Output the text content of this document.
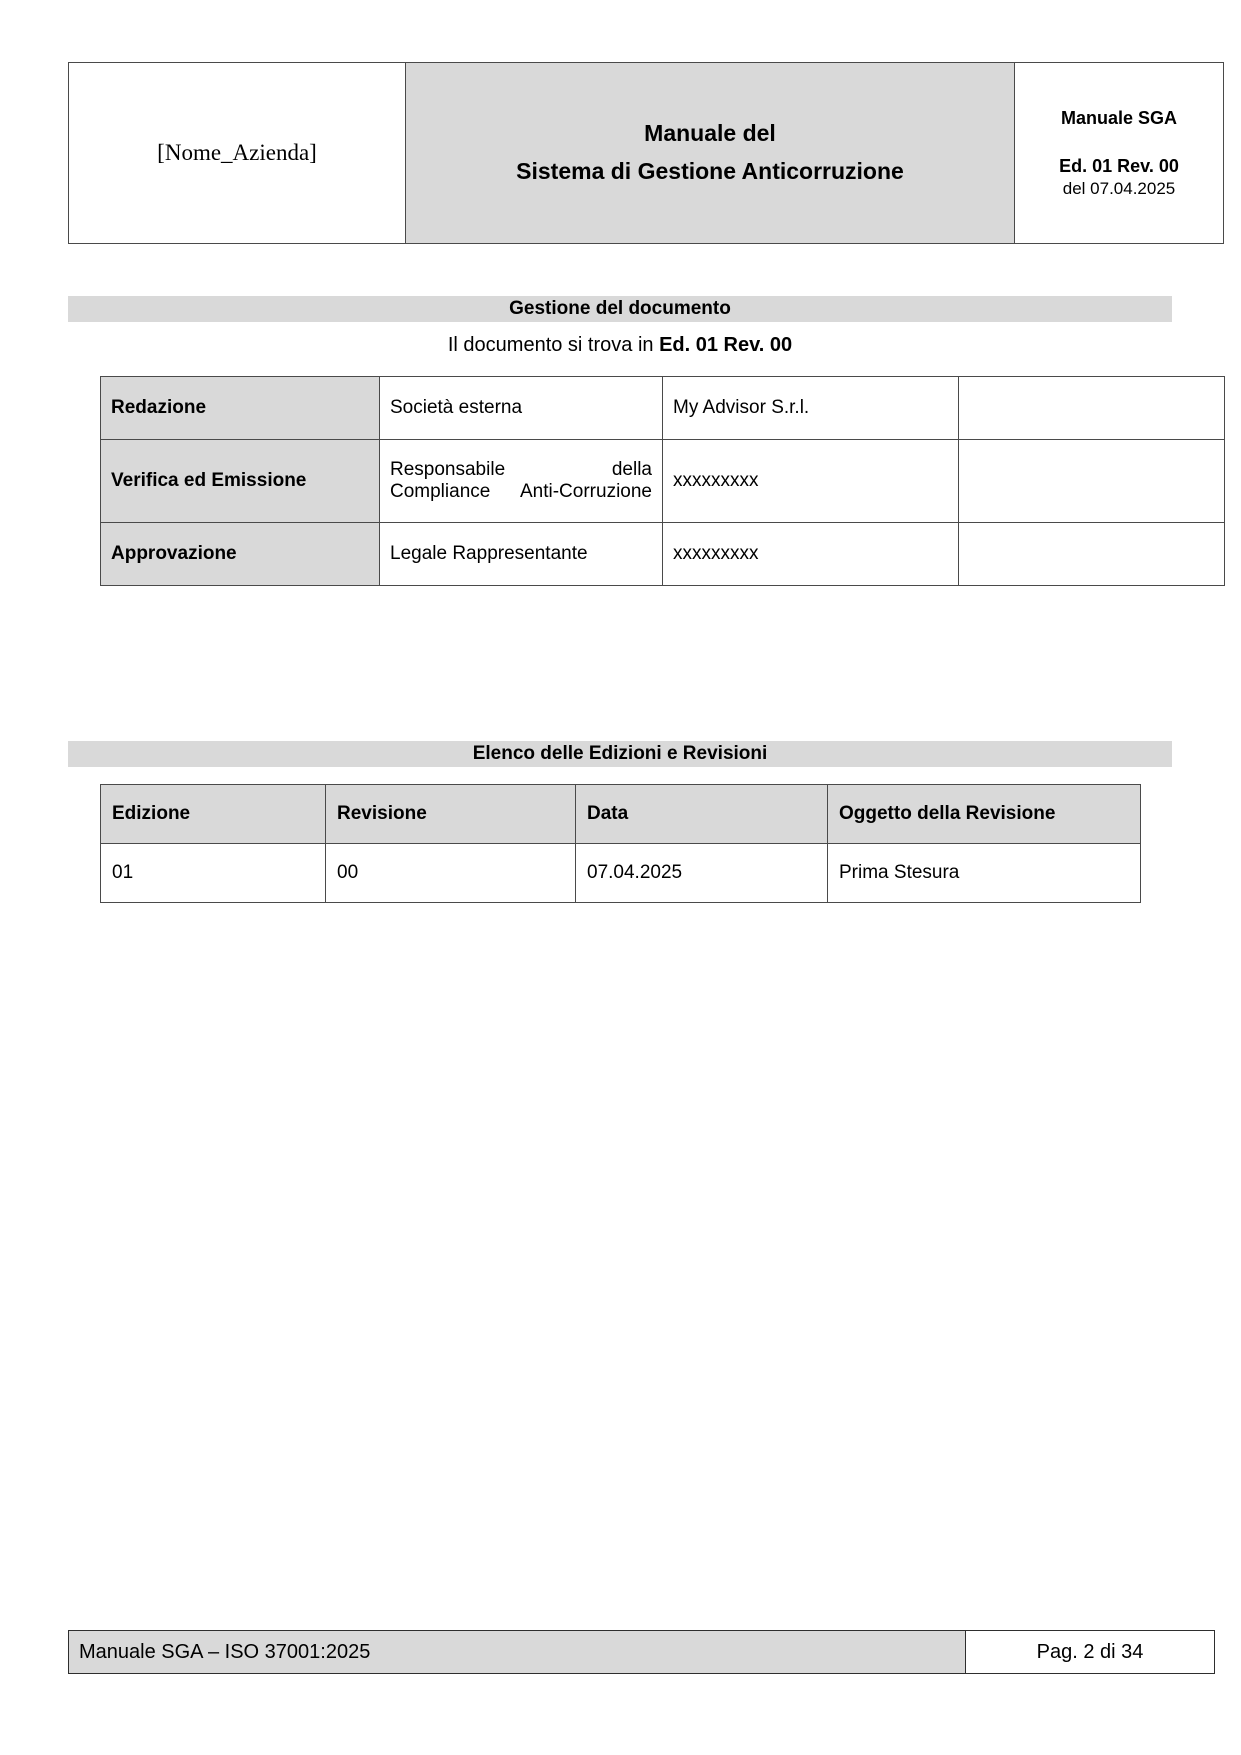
[Nome_Azienda]	
Manuale del
Sistema di Gestione Anticorruzione

Manuale SGA
Ed. 01 Rev. 00
del 07.04.2025
Gestione del documento
Il documento si trova in Ed. 01 Rev. 00
Redazione	Società esterna	My Advisor S.r.l.	
Verifica ed Emissione	Responsabile della Compliance Anti-Corruzione	xxxxxxxxx	
Approvazione	Legale Rappresentante	xxxxxxxxx	
Elenco delle Edizioni e Revisioni
Edizione	Revisione	Data	Oggetto della Revisione
01	00	07.04.2025	Prima Stesura
Manuale SGA – ISO 37001:2025	Pag. 2 di 34
